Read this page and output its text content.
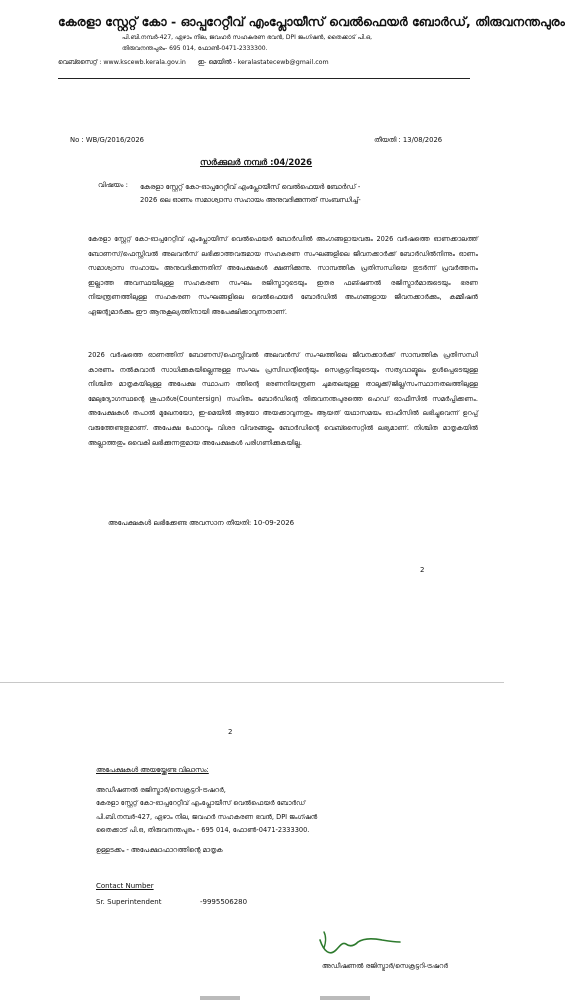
കേരളാ സ്റ്റേറ്റ് കോ - ഓപ്പറേറ്റീവ് എംപ്ലോയീസ് വെൽഫെയർ ബോർഡ്, തിരുവനന്തപുരം
പി.ബി.നമ്പർ-427, ഏഴാം നില, ജവഹർ സഹകരണ ഭവൻ, DPI ജംഗ്ഷൻ, തൈക്കാട് പി.ഒ,
തിരുവനന്തപുരം- 695 014, ഫോൺ-0471-2333300.
വെബ്സൈറ്റ് : www.kscewb.kerala.gov.in ഇ- മെയിൽ - keralastatecewb@gmail.com
No : WB/G/2016/2026	തീയതി : 13/08/2026
സർക്കുലർ നമ്പർ :04/2026
വിഷയം : കേരളാ സ്റ്റേറ്റ് കോ-ഓപ്പറേറ്റീവ് എംപ്ലോയീസ് വെൽഫെയർ ബോർഡ് -
2026 ലെ ഓണം സമാശ്വാസ സഹായം അനുവദിക്കുന്നത് സംബന്ധിച്ച്-
കേരളാ സ്റ്റേറ്റ് കോ-ഓപ്പറേറ്റീവ് എംപ്ലോയീസ് വെൽഫെയർ ബോർഡിൽ അംഗങ്ങളായവരും 2026 വർഷത്തെ ഓണക്കാലത്ത് ബോണസ്/ഫെസ്റ്റിവൽ അലവൻസ് ലഭിക്കാത്തവരുമായ സഹകരണ സംഘങ്ങളിലെ ജീവനക്കാർക്ക് ബോർഡിൽനിന്നും ഓണം സമാശ്വാസ സഹായം അനുവദിക്കുന്നതിന് അപേക്ഷകൾ ക്ഷണിക്കുന്നു. സാമ്പത്തിക പ്രതിസന്ധിയെ തുടർന്ന് പ്രവർത്തനം ഇല്ലാത്ത അവസ്ഥയിലുള്ള സഹകരണ സംഘം രജിസ്ട്രാറുടെയും ഇതര ഫങ്ഷണൽ രജിസ്ട്രാർമാരുടെയും ഭരണ നിയന്ത്രണത്തിലുള്ള സഹകരണ സംഘങ്ങളിലെ വെൽഫെയർ ബോർഡിൽ അംഗങ്ങളായ ജീവനക്കാർക്കും, കമ്മീഷൻ ഏജന്റുമാർക്കും ഈ ആനുകൂല്യത്തിനായി അപേക്ഷിക്കാവുന്നതാണ്.
2026 വർഷത്തെ ഓണത്തിന് ബോണസ്/ഫെസ്റ്റിവൽ അലവൻസ് സംഘത്തിലെ ജീവനക്കാർക്ക് സാമ്പത്തിക പ്രതിസന്ധി കാരണം നൽകുവാൻ സാധിക്കുകയില്ലെന്നുള്ള സംഘം പ്രസിഡന്റിന്റെയും സെക്രട്ടറിയുടെയും സത്യവാങ്മൂലം ഉൾപ്പെടെയുള്ള നിശ്ചിത മാതൃകയിലുള്ള അപേക്ഷ സ്ഥാപന ത്തിന്റെ ഭരണനിയന്ത്രണ ചുമതലയുള്ള താലൂക്ക്/ജില്ല/സംസ്ഥാനതലത്തിലുള്ള മേലുദ്യോഗസ്ഥന്റെ ശുപാർശ(Countersign) സഹിതം ബോർഡിന്റെ തിരുവനന്തപുരത്തെ ഹെഡ് ഓഫീസിൽ സമർപ്പിക്കണം. അപേക്ഷകൾ തപാൽ മുഖേനയോ, ഇ-മെയിൽ ആയോ അയക്കാവുന്നതും ആയത് യഥാസമയം ഓഫീസിൽ ലഭിച്ചുവെന്ന് ഉറപ്പ് വരുത്തേണ്ടതുമാണ്. അപേക്ഷ ഫോറവും വിശദ വിവരങ്ങളും ബോർഡിന്റെ വെബ്സൈറ്റിൽ ലഭ്യമാണ്. നിശ്ചിത മാതൃകയിൽ അല്ലാത്തതും വൈകി ലഭിക്കുന്നതുമായ അപേക്ഷകൾ പരിഗണിക്കുകയില്ല.
അപേക്ഷകൾ ലഭിക്കേണ്ട അവസാന തീയതി: 10-09-2026
2
2
അപേക്ഷകൾ അയയ്ക്കേണ്ട വിലാസം:
അഡീഷണൽ രജിസ്ട്രാർ/സെക്രട്ടറി-ട്രഷറർ,
കേരളാ സ്റ്റേറ്റ് കോ-ഓപ്പറേറ്റീവ് എംപ്ലോയീസ് വെൽഫെയർ ബോർഡ്
പി.ബി.നമ്പർ-427, ഏഴാം നില, ജവഹർ സഹകരണ ഭവൻ, DPI ജംഗ്ഷൻ
തൈക്കാട് പി.ഒ, തിരുവനന്തപുരം - 695 014, ഫോൺ-0471-2333300.
ഉള്ളടക്കം - അപേക്ഷാഫാറത്തിന്റെ മാതൃക
Contact Number
Sr. Superintendent	-9995506280
അഡീഷണൽ രജിസ്ട്രാർ/സെക്രട്ടറി-ട്രഷറർ
